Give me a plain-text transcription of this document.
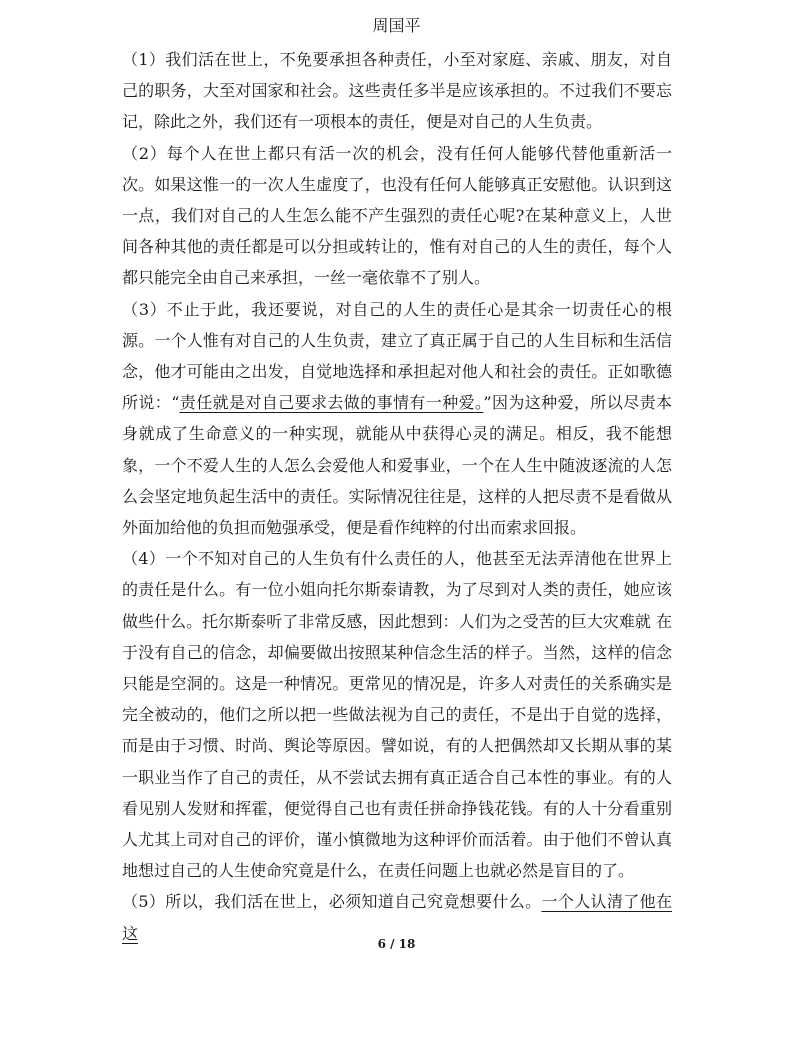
周国平

（1）我们活在世上，不免要承担各种责任，小至对家庭、亲戚、朋友，对自己的职务，大至对国家和社会。这些责任多半是应该承担的。不过我们不要忘记，除此之外，我们还有一项根本的责任，便是对自己的人生负责。

（2）每个人在世上都只有活一次的机会，没有任何人能够代替他重新活一次。如果这惟一的一次人生虚度了，也没有任何人能够真正安慰他。认识到这一点，我们对自己的人生怎么能不产生强烈的责任心呢?在某种意义上，人世间各种其他的责任都是可以分担或转让的，惟有对自己的人生的责任，每个人都只能完全由自己来承担，一丝一毫依靠不了别人。

（3）不止于此，我还要说，对自己的人生的责任心是其余一切责任心的根源。一个人惟有对自己的人生负责，建立了真正属于自己的人生目标和生活信念，他才可能由之出发，自觉地选择和承担起对他人和社会的责任。正如歌德所说：“责任就是对自己要求去做的事情有一种爱。”因为这种爱，所以尽责本身就成了生命意义的一种实现，就能从中获得心灵的满足。相反，我不能想象，一个不爱人生的人怎么会爱他人和爱事业，一个在人生中随波逐流的人怎么会坚定地负起生活中的责任。实际情况往往是，这样的人把尽责不是看做从外面加给他的负担而勉强承受，便是看作纯粹的付出而索求回报。

（4）一个不知对自己的人生负有什么责任的人，他甚至无法弄清他在世界上的责任是什么。有一位小姐向托尔斯泰请教，为了尽到对人类的责任，她应该做些什么。托尔斯泰听了非常反感，因此想到：人们为之受苦的巨大灾难就 在于没有自己的信念，却偏要做出按照某种信念生活的样子。当然，这样的信念只能是空洞的。这是一种情况。更常见的情况是，许多人对责任的关系确实是完全被动的，他们之所以把一些做法视为自己的责任，不是出于自觉的选择，而是由于习惯、时尚、舆论等原因。譬如说，有的人把偶然却又长期从事的某一职业当作了自己的责任，从不尝试去拥有真正适合自己本性的事业。有的人看见别人发财和挥霍，便觉得自己也有责任拼命挣钱花钱。有的人十分看重别人尤其上司对自己的评价，谨小慎微地为这种评价而活着。由于他们不曾认真地想过自己的人生使命究竟是什么，在责任问题上也就必然是盲目的了。

（5）所以，我们活在世上，必须知道自己究竟想要什么。一个人认清了他在这

6 / 18
